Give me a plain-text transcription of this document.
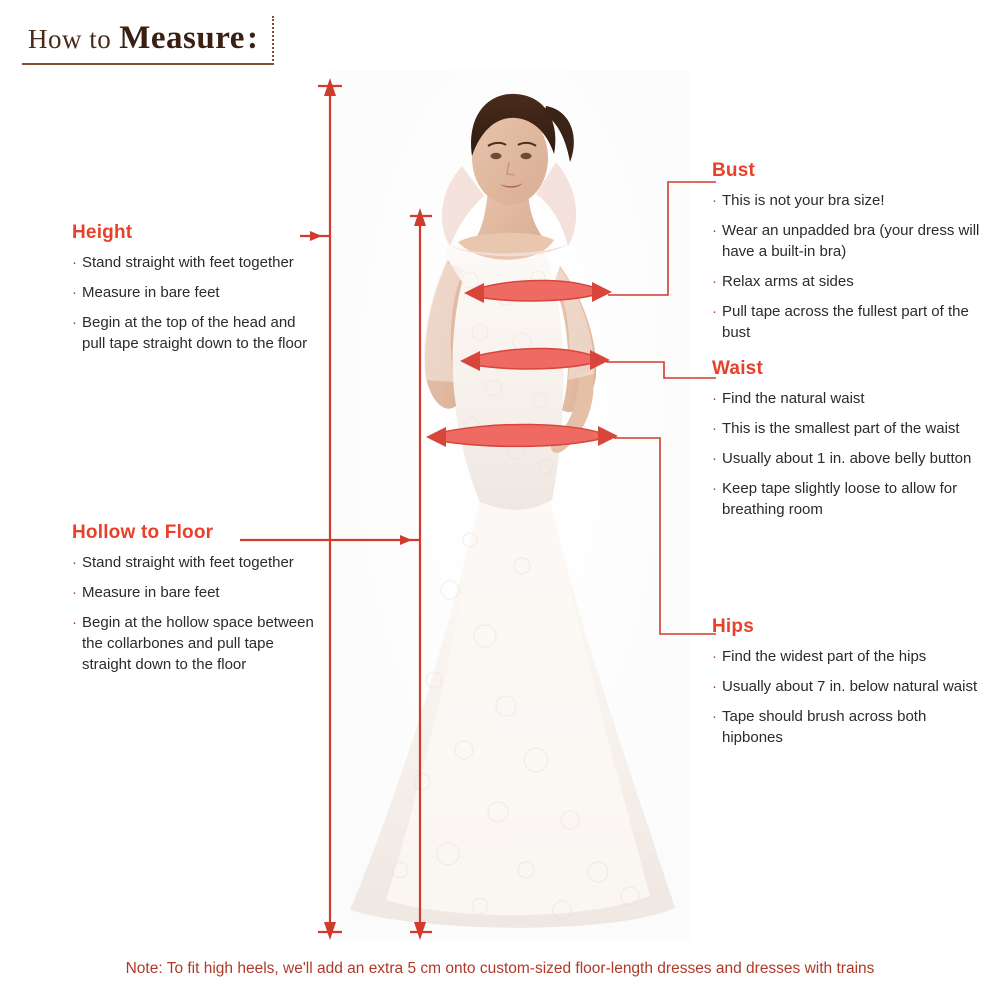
How to Measure :
Height
· Stand straight with feet together
· Measure in bare feet
· Begin at the top of the head and pull tape straight down to the floor
Hollow to Floor
· Stand straight with feet together
· Measure in bare feet
· Begin at the hollow space between the collarbones and pull tape straight down to the floor
Bust
· This is not your bra size!
· Wear an unpadded bra (your dress will have a built-in bra)
· Relax arms at sides
· Pull tape across the fullest part of the bust
Waist
· Find the natural waist
· This is the smallest part of the waist
· Usually about 1 in. above belly button
· Keep tape slightly loose to allow for breathing room
Hips
· Find the widest part of the hips
· Usually about 7 in. below natural waist
· Tape should brush across both hipbones
Note: To fit high heels, we'll add an extra 5 cm onto custom-sized floor-length dresses and dresses with trains
